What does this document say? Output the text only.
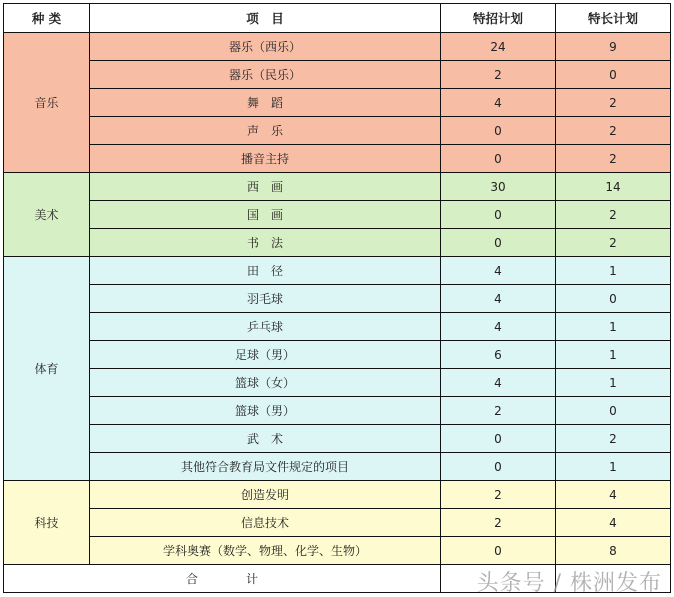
种 类	项　目	特招计划	特长计划
音乐	器乐（西乐）	24	9
	器乐（民乐）	2	0
	舞　蹈	4	2
	声　乐	0	2
	播音主持	0	2
美术	西　画	30	14
	国　画	0	2
	书　法	0	2
体育	田　径	4	1
	羽毛球	4	0
	乒乓球	4	1
	足球（男）	6	1
	篮球（女）	4	1
	篮球（男）	2	0
	武　术	0	2
	其他符合教育局文件规定的项目	0	1
科技	创造发明	2	4
	信息技术	2	4
	学科奥赛（数学、物理、化学、生物）	0	8
合　　　　计				头条号 / 株洲发布
